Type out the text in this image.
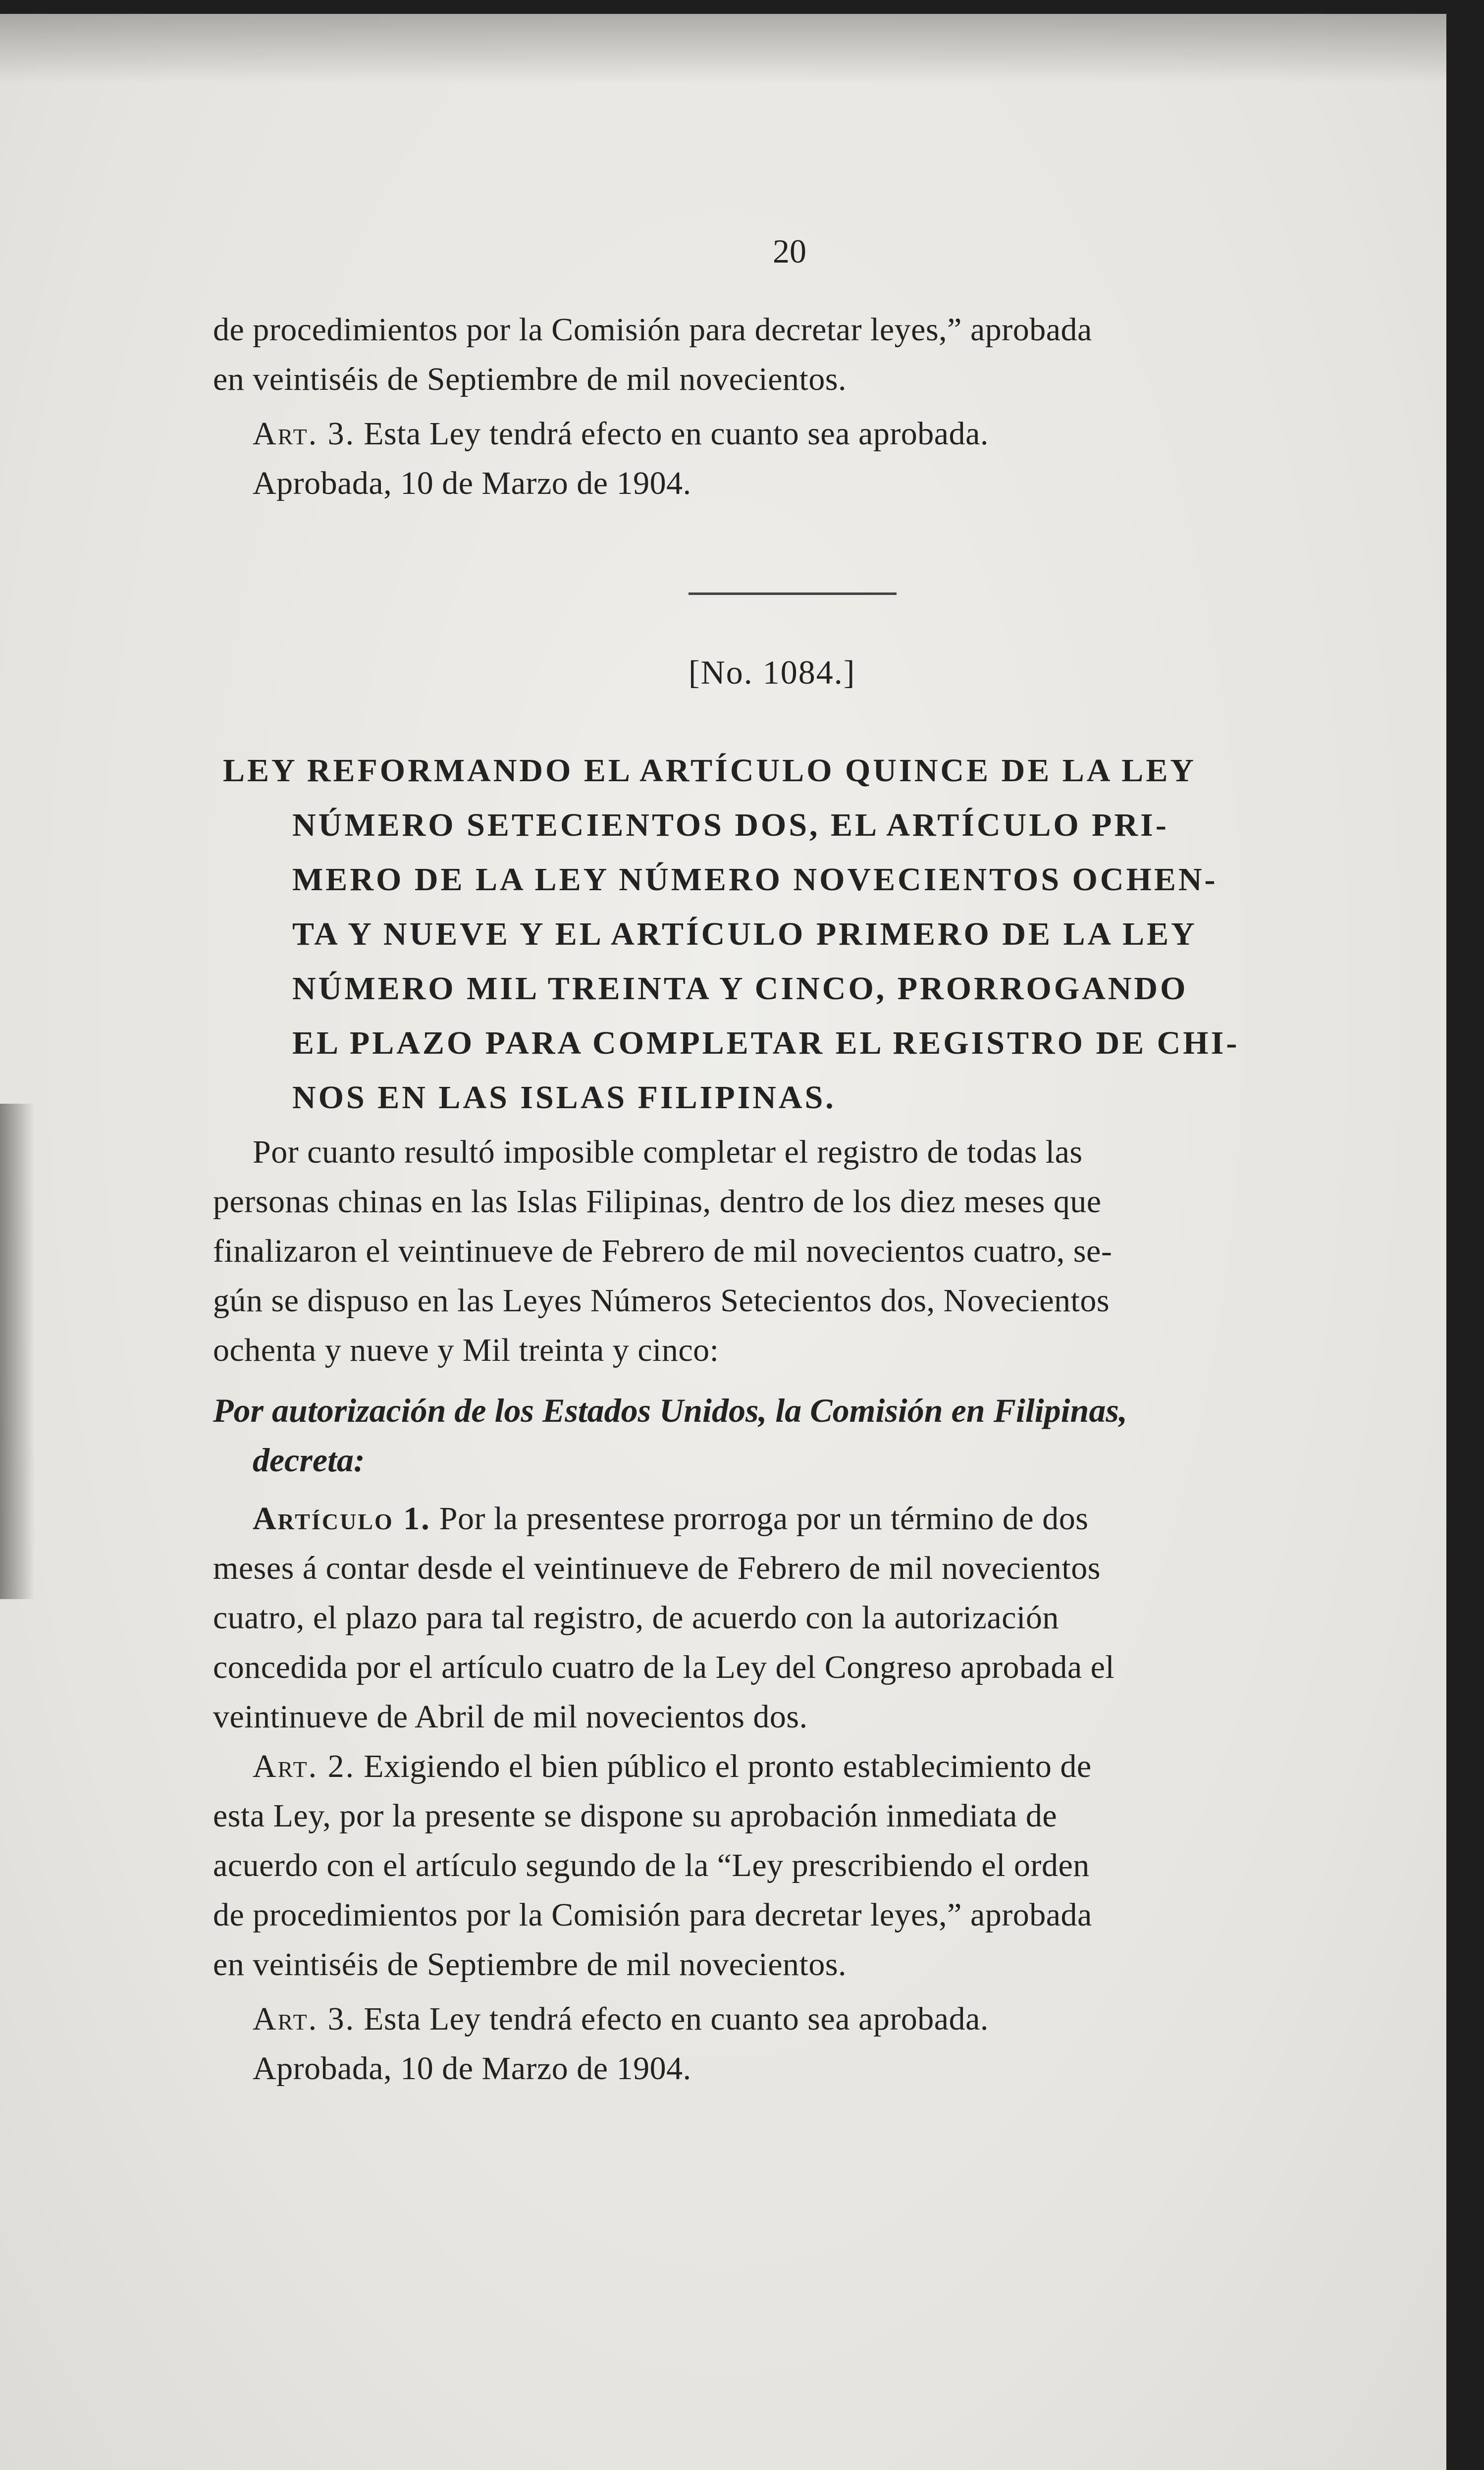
20
de procedimientos por la Comisión para decretar leyes,” aprobada
en veintiséis de Septiembre de mil novecientos.
Art. 3. Esta Ley tendrá efecto en cuanto sea aprobada.
Aprobada, 10 de Marzo de 1904.
[No. 1084.]
LEY REFORMANDO EL ARTÍCULO QUINCE DE LA LEY
NÚMERO SETECIENTOS DOS, EL ARTÍCULO PRI-
MERO DE LA LEY NÚMERO NOVECIENTOS OCHEN-
TA Y NUEVE Y EL ARTÍCULO PRIMERO DE LA LEY
NÚMERO MIL TREINTA Y CINCO, PRORROGANDO
EL PLAZO PARA COMPLETAR EL REGISTRO DE CHI-
NOS EN LAS ISLAS FILIPINAS.
Por cuanto resultó imposible completar el registro de todas las
personas chinas en las Islas Filipinas, dentro de los diez meses que
finalizaron el veintinueve de Febrero de mil novecientos cuatro, se-
gún se dispuso en las Leyes Números Setecientos dos, Novecientos
ochenta y nueve y Mil treinta y cinco:
Por autorización de los Estados Unidos, la Comisión en Filipinas,
decreta:
Artículo 1. Por la presentese prorroga por un término de dos
meses á contar desde el veintinueve de Febrero de mil novecientos
cuatro, el plazo para tal registro, de acuerdo con la autorización
concedida por el artículo cuatro de la Ley del Congreso aprobada el
veintinueve de Abril de mil novecientos dos.
Art. 2. Exigiendo el bien público el pronto establecimiento de
esta Ley, por la presente se dispone su aprobación inmediata de
acuerdo con el artículo segundo de la “Ley prescribiendo el orden
de procedimientos por la Comisión para decretar leyes,” aprobada
en veintiséis de Septiembre de mil novecientos.
Art. 3. Esta Ley tendrá efecto en cuanto sea aprobada.
Aprobada, 10 de Marzo de 1904.
